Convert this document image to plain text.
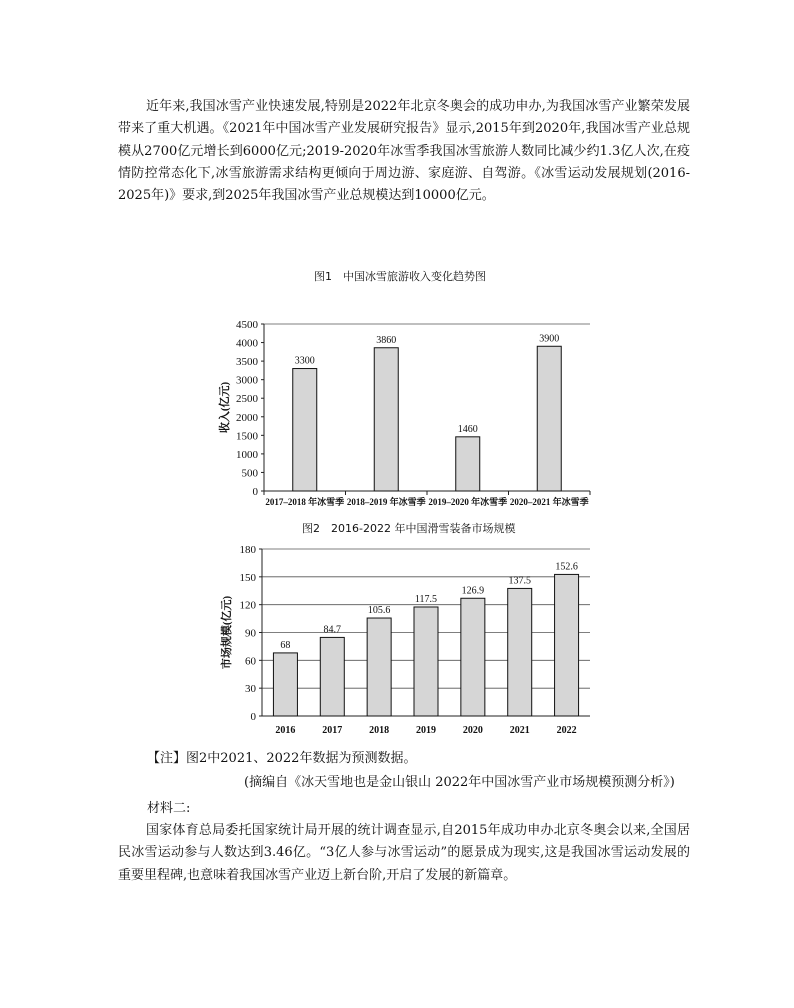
近年来,我国冰雪产业快速发展,特别是2022年北京冬奥会的成功申办,为我国冰雪产业繁荣发展带来了重大机遇。《2021年中国冰雪产业发展研究报告》显示,2015年到2020年,我国冰雪产业总规模从2700亿元增长到6000亿元;2019-2020年冰雪季我国冰雪旅游人数同比减少约1.3亿人次,在疫情防控常态化下,冰雪旅游需求结构更倾向于周边游、家庭游、自驾游。《冰雪运动发展规划(2016-2025年)》要求,到2025年我国冰雪产业总规模达到10000亿元。

图1　中国冰雪旅游收入变化趋势图
0
500
1000
1500
2000
2500
3000
3500
4000
4500
收入(亿元)
3300
2017–2018 年冰雪季
3860
2018–2019 年冰雪季
1460
2019–2020 年冰雪季
3900
2020–2021 年冰雪季
图2　2016-2022 年中国滑雪装备市场规模
0
30
60
90
120
150
180
市场规模(亿元)	68
2016
84.7
2017
105.6
2018
117.5
2019
126.9
2020
137.5
2021
152.6
2022
【注】图2中2021、2022年数据为预测数据。
(摘编自《冰天雪地也是金山银山 2022年中国冰雪产业市场规模预测分析》)
材料二:

国家体育总局委托国家统计局开展的统计调查显示,自2015年成功申办北京冬奥会以来,全国居民冰雪运动参与人数达到3.46亿。“3亿人参与冰雪运动”的愿景成为现实,这是我国冰雪运动发展的重要里程碑,也意味着我国冰雪产业迈上新台阶,开启了发展的新篇章。
